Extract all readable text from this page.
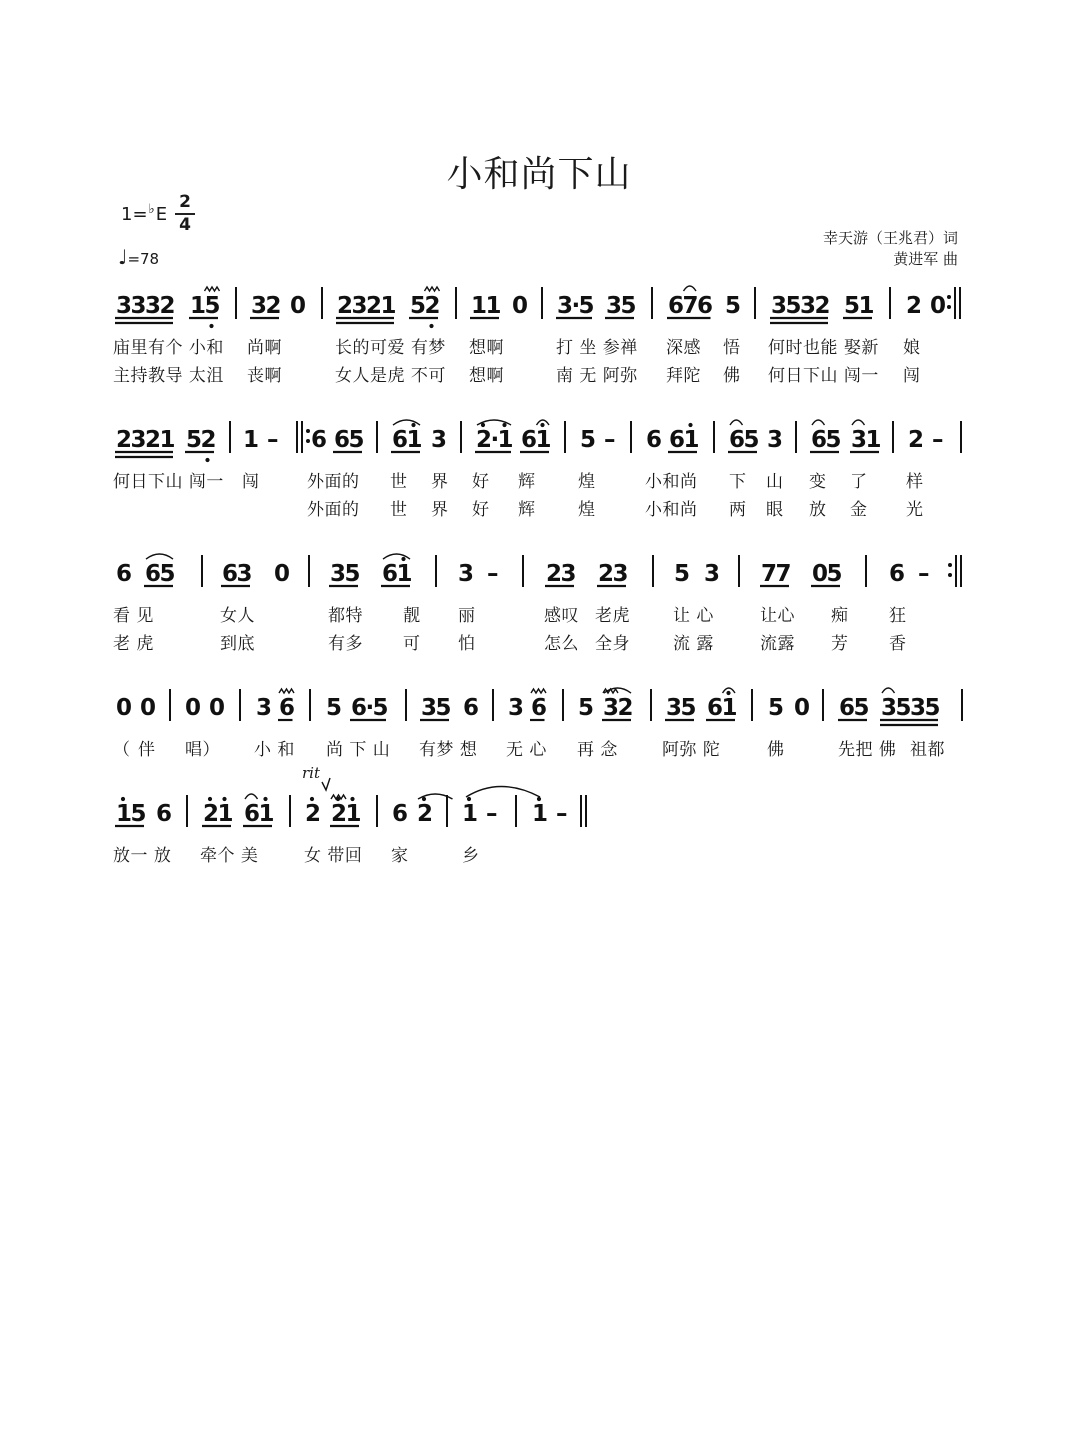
小和尚下山
1=♭E
2
4
♩=78
幸天游（王兆君）词
黄进军 曲
3
3
3
2 1
5 3
2 0 2
3
2
1 5
2 1
1 0 3
·
5 3
5 6
7
6 5 3
5
3
2 5
1 2 0
2
3
2
1 5
2 1 – 6 6
5 6
1 3 2
·
1 6
1 5 – 6 6
1 6
5 3 6
5 3
1 2 –
6 6
5 6
3 0 3
5 6
1 3 – 2
3 2
3 5 3 7
7 0
5 6 –
0 0 0 0 3 6 5 6
·
5 3
5 6 3 6 5 3
2 3
5 6
1 5 0 6
5 3
5
3
5
1
5 6 2
1 6
1 2 2
1 6 2 1 – 1 –
rit
庙里有个 小和 尚啊	长的可爱 有梦 想啊	打 坐 参禅 深感 悟 何时也能 娶新 娘
主持教导 太沮 丧啊	女人是虎 不可 想啊	南 无 阿弥 拜陀 佛 何日下山 闯一 闯
何日下山 闯一 闯	外面的 世 界 好 辉	煌	小和尚 下 山 变 了 样
外面的 世 界 好 辉	煌	小和尚 两 眼 放 金 光
看 见	女人	都特 靓 丽	感叹 老虎	让 心	让心 痴 狂
老 虎	到底	有多 可 怕	怎么 全身	流 露	流露 芳 香
（ 伴 唱） 小 和 尚 下 山 有梦 想 无 心 再 念	阿弥 陀	佛	先把 佛 祖都
放一 放 牵个 美	女 带回 家	乡
